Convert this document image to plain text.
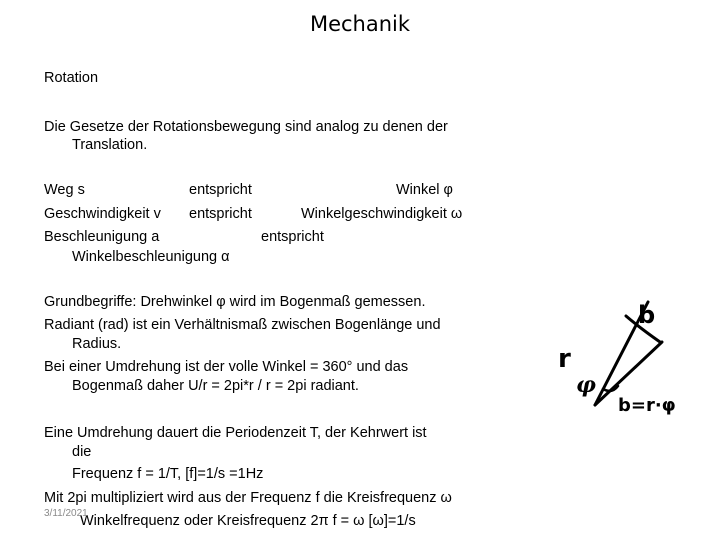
Mechanik
Rotation
Die Gesetze der Rotationsbewegung sind analog zu denen der
Translation.
Weg s	entspricht	Winkel φ
Geschwindigkeit v entspricht	Winkelgeschwindigkeit ω
Beschleunigung a	entspricht
Winkelbeschleunigung α
Grundbegriffe: Drehwinkel φ wird im Bogenmaß gemessen.
Radiant (rad) ist ein Verhältnismaß zwischen Bogenlänge und
Radius.
Bei einer Umdrehung ist der volle Winkel = 360° und das
Bogenmaß daher U/r = 2pi*r / r = 2pi radiant.
Eine Umdrehung dauert die Periodenzeit T, der Kehrwert ist
die
Frequenz f = 1/T, [f]=1/s =1Hz
Mit 2pi multipliziert wird aus der Frequenz f die Kreisfrequenz ω
Winkelfrequenz oder Kreisfrequenz 2π f = ω [ω]=1/s
3/11/2021
b
r
φ
b=r·φ
